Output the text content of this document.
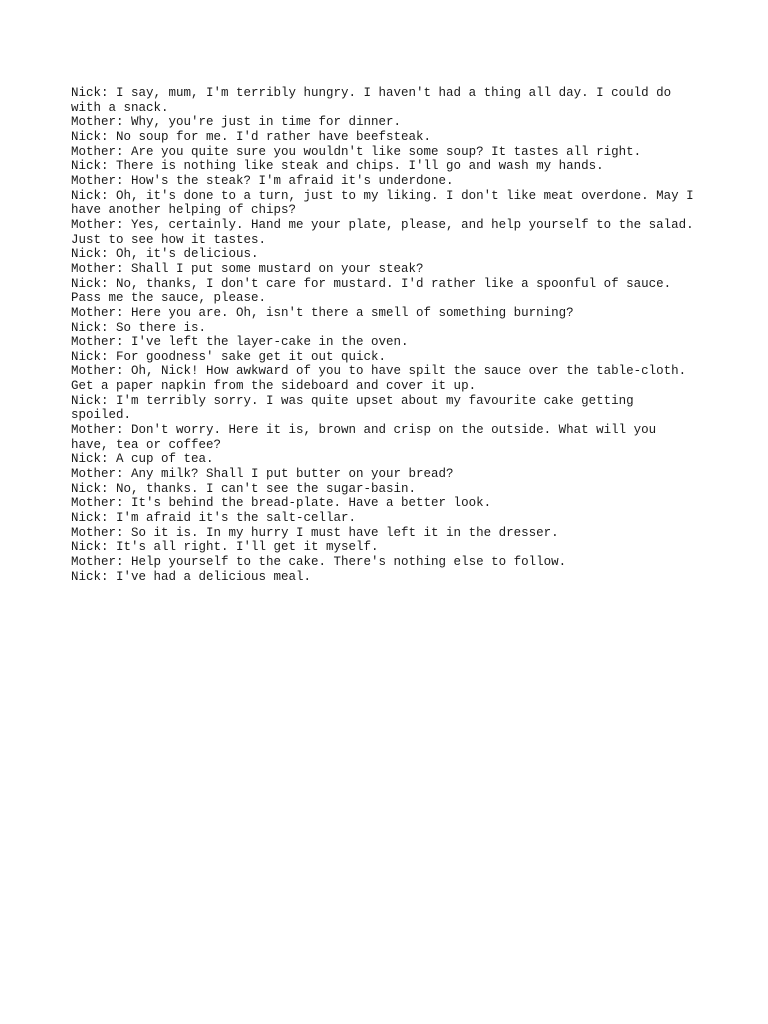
Nick: I say, mum, I'm terribly hungry. I haven't had a thing all day. I could do

with a snack.

Mother: Why, you're just in time for dinner.

Nick: No soup for me. I'd rather have beefsteak.

Mother: Are you quite sure you wouldn't like some soup? It tastes all right.

Nick: There is nothing like steak and chips. I'll go and wash my hands.

Mother: How's the steak? I'm afraid it's underdone.

Nick: Oh, it's done to a turn, just to my liking. I don't like meat overdone. May I

have another helping of chips?

Mother: Yes, certainly. Hand me your plate, please, and help yourself to the salad.

Just to see how it tastes.

Nick: Oh, it's delicious.

Mother: Shall I put some mustard on your steak?

Nick: No, thanks, I don't care for mustard. I'd rather like a spoonful of sauce.

Pass me the sauce, please.

Mother: Here you are. Oh, isn't there a smell of something burning?

Nick: So there is.

Mother: I've left the layer-cake in the oven.

Nick: For goodness' sake get it out quick.

Mother: Oh, Nick! How awkward of you to have spilt the sauce over the table-cloth.

Get a paper napkin from the sideboard and cover it up.

Nick: I'm terribly sorry. I was quite upset about my favourite cake getting

spoiled.

Mother: Don't worry. Here it is, brown and crisp on the outside. What will you

have, tea or coffee?

Nick: A cup of tea.

Mother: Any milk? Shall I put butter on your bread?

Nick: No, thanks. I can't see the sugar-basin.

Mother: It's behind the bread-plate. Have a better look.

Nick: I'm afraid it's the salt-cellar.

Mother: So it is. In my hurry I must have left it in the dresser.

Nick: It's all right. I'll get it myself.

Mother: Help yourself to the cake. There's nothing else to follow.

Nick: I've had a delicious meal.
